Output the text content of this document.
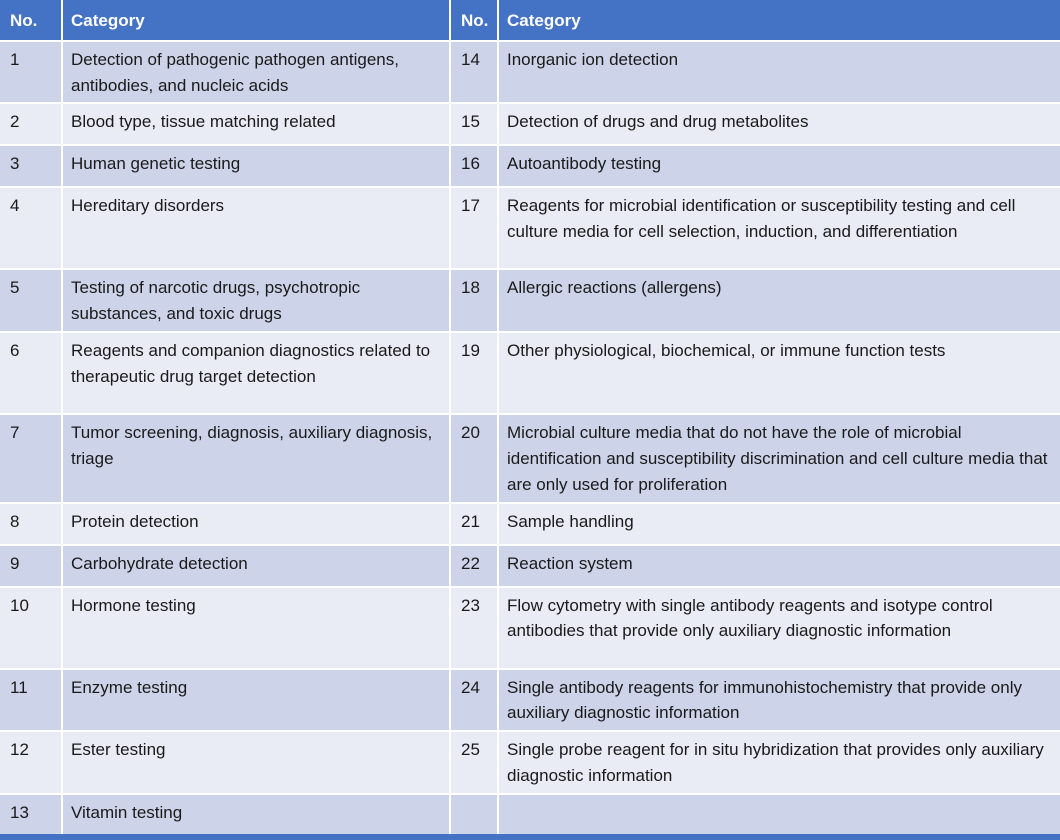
No.	Category	No.	Category
1	Detection of pathogenic pathogen antigens, antibodies, and nucleic acids	14	Inorganic ion detection
2	Blood type, tissue matching related	15	Detection of drugs and drug metabolites
3	Human genetic testing	16	Autoantibody testing
4	Hereditary disorders	17	Reagents for microbial identification or susceptibility testing and cell culture media for cell selection, induction, and differentiation
5	Testing of narcotic drugs, psychotropic substances, and toxic drugs	18	Allergic reactions (allergens)
6	Reagents and companion diagnostics related to therapeutic drug target detection	19	Other physiological, biochemical, or immune function tests
7	Tumor screening, diagnosis, auxiliary diagnosis, triage	20	Microbial culture media that do not have the role of microbial identification and susceptibility discrimination and cell culture media that are only used for proliferation
8	Protein detection	21	Sample handling
9	Carbohydrate detection	22	Reaction system
10	Hormone testing	23	Flow cytometry with single antibody reagents and isotype control antibodies that provide only auxiliary diagnostic information
11	Enzyme testing	24	Single antibody reagents for immunohistochemistry that provide only auxiliary diagnostic information
12	Ester testing	25	Single probe reagent for in situ hybridization that provides only auxiliary diagnostic information
13	Vitamin testing		
